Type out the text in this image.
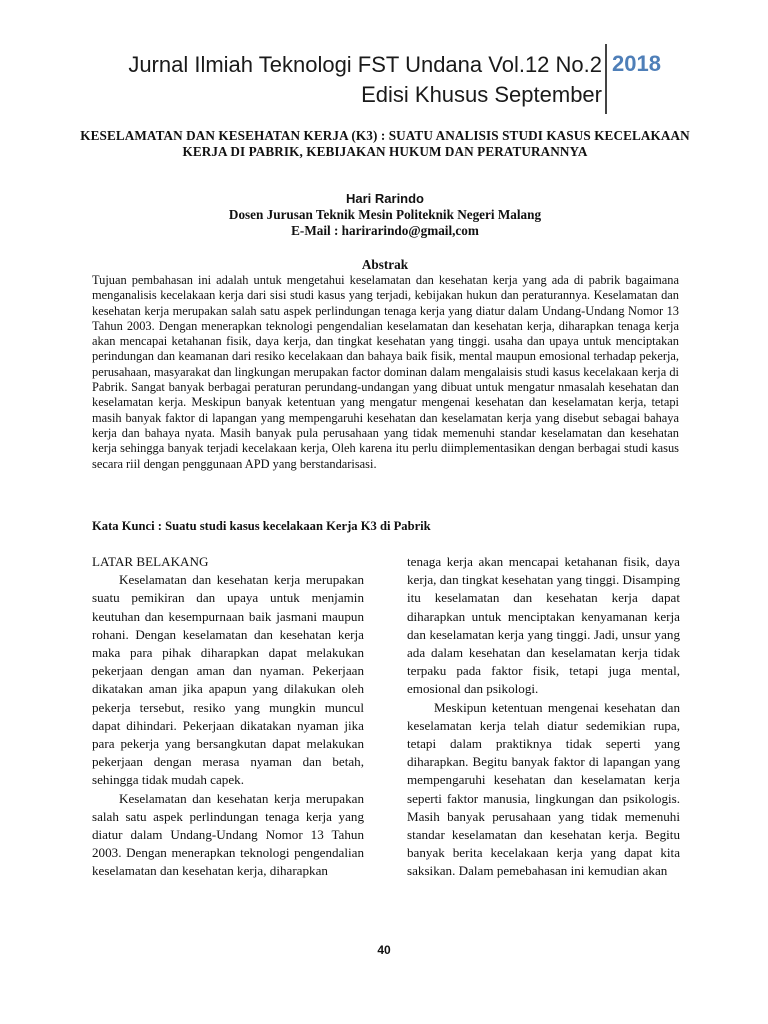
Jurnal Ilmiah Teknologi FST Undana Vol.12 No.2
Edisi Khusus September
2018
KESELAMATAN DAN KESEHATAN KERJA (K3) : SUATU ANALISIS STUDI KASUS KECELAKAAN KERJA DI PABRIK, KEBIJAKAN HUKUM DAN PERATURANNYA
Hari Rarindo
Dosen Jurusan Teknik Mesin Politeknik Negeri Malang
E-Mail : harirarindo@gmail,com
Abstrak
Tujuan pembahasan ini adalah untuk mengetahui keselamatan dan kesehatan kerja yang ada di pabrik bagaimana menganalisis kecelakaan kerja dari sisi studi kasus yang terjadi, kebijakan hukun dan peraturannya. Keselamatan dan kesehatan kerja merupakan salah satu aspek perlindungan tenaga kerja yang diatur dalam Undang-Undang Nomor 13 Tahun 2003. Dengan menerapkan teknologi pengendalian keselamatan dan kesehatan kerja, diharapkan tenaga kerja akan mencapai ketahanan fisik, daya kerja, dan tingkat kesehatan yang tinggi. usaha dan upaya untuk menciptakan perindungan dan keamanan dari resiko kecelakaan dan bahaya baik fisik, mental maupun emosional terhadap pekerja, perusahaan, masyarakat dan lingkungan merupakan factor dominan dalam mengalaisis studi kasus kecelakaan kerja di Pabrik. Sangat banyak berbagai peraturan perundang-undangan yang dibuat untuk mengatur nmasalah kesehatan dan keselamatan kerja. Meskipun banyak ketentuan yang mengatur mengenai kesehatan dan keselamatan kerja, tetapi masih banyak faktor di lapangan yang mempengaruhi kesehatan dan keselamatan kerja yang disebut sebagai bahaya kerja dan bahaya nyata. Masih banyak pula perusahaan yang tidak memenuhi standar keselamatan dan kesehatan kerja sehingga banyak terjadi kecelakaan kerja, Oleh karena itu perlu diimplementasikan dengan berbagai studi kasus secara riil dengan penggunaan APD yang berstandarisasi.
Kata Kunci : Suatu studi kasus kecelakaan Kerja K3 di Pabrik
LATAR BELAKANG

Keselamatan dan kesehatan kerja merupakan suatu pemikiran dan upaya untuk menjamin keutuhan dan kesempurnaan baik jasmani maupun rohani. Dengan keselamatan dan kesehatan kerja maka para pihak diharapkan dapat melakukan pekerjaan dengan aman dan nyaman. Pekerjaan dikatakan aman jika apapun yang dilakukan oleh pekerja tersebut, resiko yang mungkin muncul dapat dihindari. Pekerjaan dikatakan nyaman jika para pekerja yang bersangkutan dapat melakukan pekerjaan dengan merasa nyaman dan betah, sehingga tidak mudah capek.

Keselamatan dan kesehatan kerja merupakan salah satu aspek perlindungan tenaga kerja yang diatur dalam Undang-Undang Nomor 13 Tahun 2003. Dengan menerapkan teknologi pengendalian keselamatan dan kesehatan kerja, diharapkan

tenaga kerja akan mencapai ketahanan fisik, daya kerja, dan tingkat kesehatan yang tinggi. Disamping itu keselamatan dan kesehatan kerja dapat diharapkan untuk menciptakan kenyamanan kerja dan keselamatan kerja yang tinggi. Jadi, unsur yang ada dalam kesehatan dan keselamatan kerja tidak terpaku pada faktor fisik, tetapi juga mental, emosional dan psikologi.

Meskipun ketentuan mengenai kesehatan dan keselamatan kerja telah diatur sedemikian rupa, tetapi dalam praktiknya tidak seperti yang diharapkan. Begitu banyak faktor di lapangan yang mempengaruhi kesehatan dan keselamatan kerja seperti faktor manusia, lingkungan dan psikologis. Masih banyak perusahaan yang tidak memenuhi standar keselamatan dan kesehatan kerja. Begitu banyak berita kecelakaan kerja yang dapat kita saksikan. Dalam pemebahasan ini kemudian akan

40
